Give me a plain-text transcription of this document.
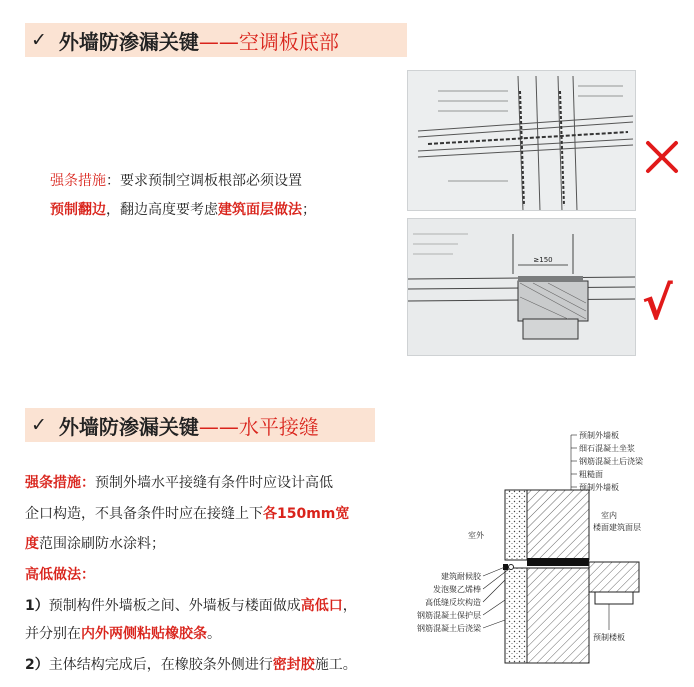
✓ 外墙防渗漏关键 ——空调板底部
强条措施：要求预制空调板根部必须设置
预制翻边，翻边高度要考虑建筑面层做法；
≥150
√
✓ 外墙防渗漏关键 ——水平接缝
强条措施：预制外墙水平接缝有条件时应设计高低
企口构造，不具备条件时应在接缝上下各150mm宽
度范围涂刷防水涂料；
高低做法：
1）预制构件外墙板之间、外墙板与楼面做成高低口，
并分别在内外两侧粘贴橡胶条。
2）主体结构完成后，在橡胶条外侧进行密封胶施工。
预制外墙板
细石混凝土坐浆
钢筋混凝土后浇梁
粗糙面
预制外墙板
室外
室内
楼面建筑面层
建筑耐候胶
发泡聚乙烯棒
高低缝反坎构造
钢筋混凝土保护层
钢筋混凝土后浇梁
预制楼板
